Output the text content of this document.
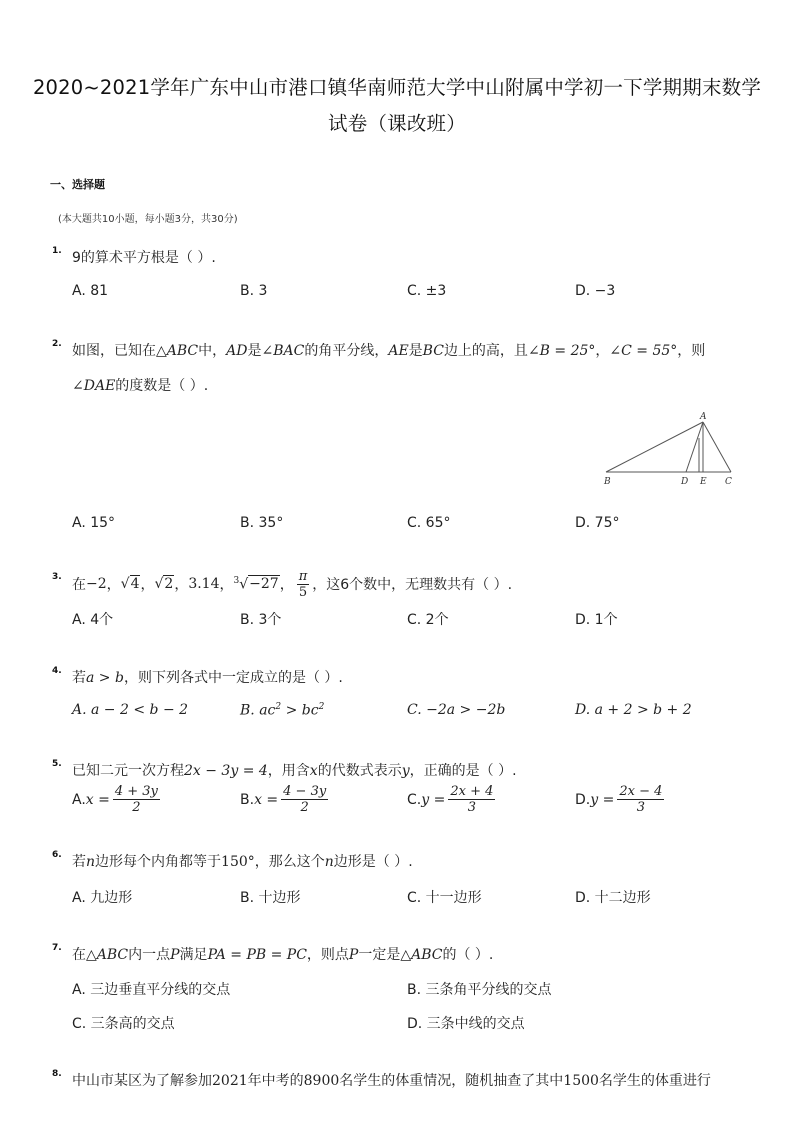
2020~2021学年广东中山市港口镇华南师范大学中山附属中学初一下学期期末数学
试卷（课改班）
一、选择题
(本大题共10小题，每小题3分，共30分)
1. 9的算术平方根是（ ）.
A. 81	B. 3	C. ±3	D. −3
2. 如图，已知在△ABC中，AD是∠BAC的角平分线，AE是BC边上的高，且∠B = 25°，∠C = 55°，则
∠DAE的度数是（ ）.
A
B	D E C
A. 15°	B. 35°	C. 65°	D. 75°
3. 在 −2 ， √4 ， √2 ， 3.14 ， $^3$√−27 ， $\frac{\pi}{5}$ ，这6个数中，无理数共有（ ）.
A. 4个	B. 3个	C. 2个	D. 1个
4. 若a > b，则下列各式中一定成立的是（ ）.
A. a − 2 < b − 2	B. $ac^2 > bc^2$	C. −2a > −2b	D. a + 2 > b + 2
5. 已知二元一次方程2x − 3y = 4，用含x的代数式表示y，正确的是（ ）.
A. $x = \frac{4 + 3y}{2}$	B. $x = \frac{4 - 3y}{2}$	C. $y = \frac{2x + 4}{3}$	D. $y = \frac{2x - 4}{3}$
6. 若n边形每个内角都等于150°，那么这个n边形是（ ）.
A. 九边形	B. 十边形	C. 十一边形	D. 十二边形
7. 在△ABC内一点P满足PA = PB = PC，则点P一定是△ABC的（ ）.
A. 三边垂直平分线的交点	B. 三条角平分线的交点
C. 三条高的交点	D. 三条中线的交点
8. 中山市某区为了解参加2021年中考的8900名学生的体重情况，随机抽查了其中1500名学生的体重进行
